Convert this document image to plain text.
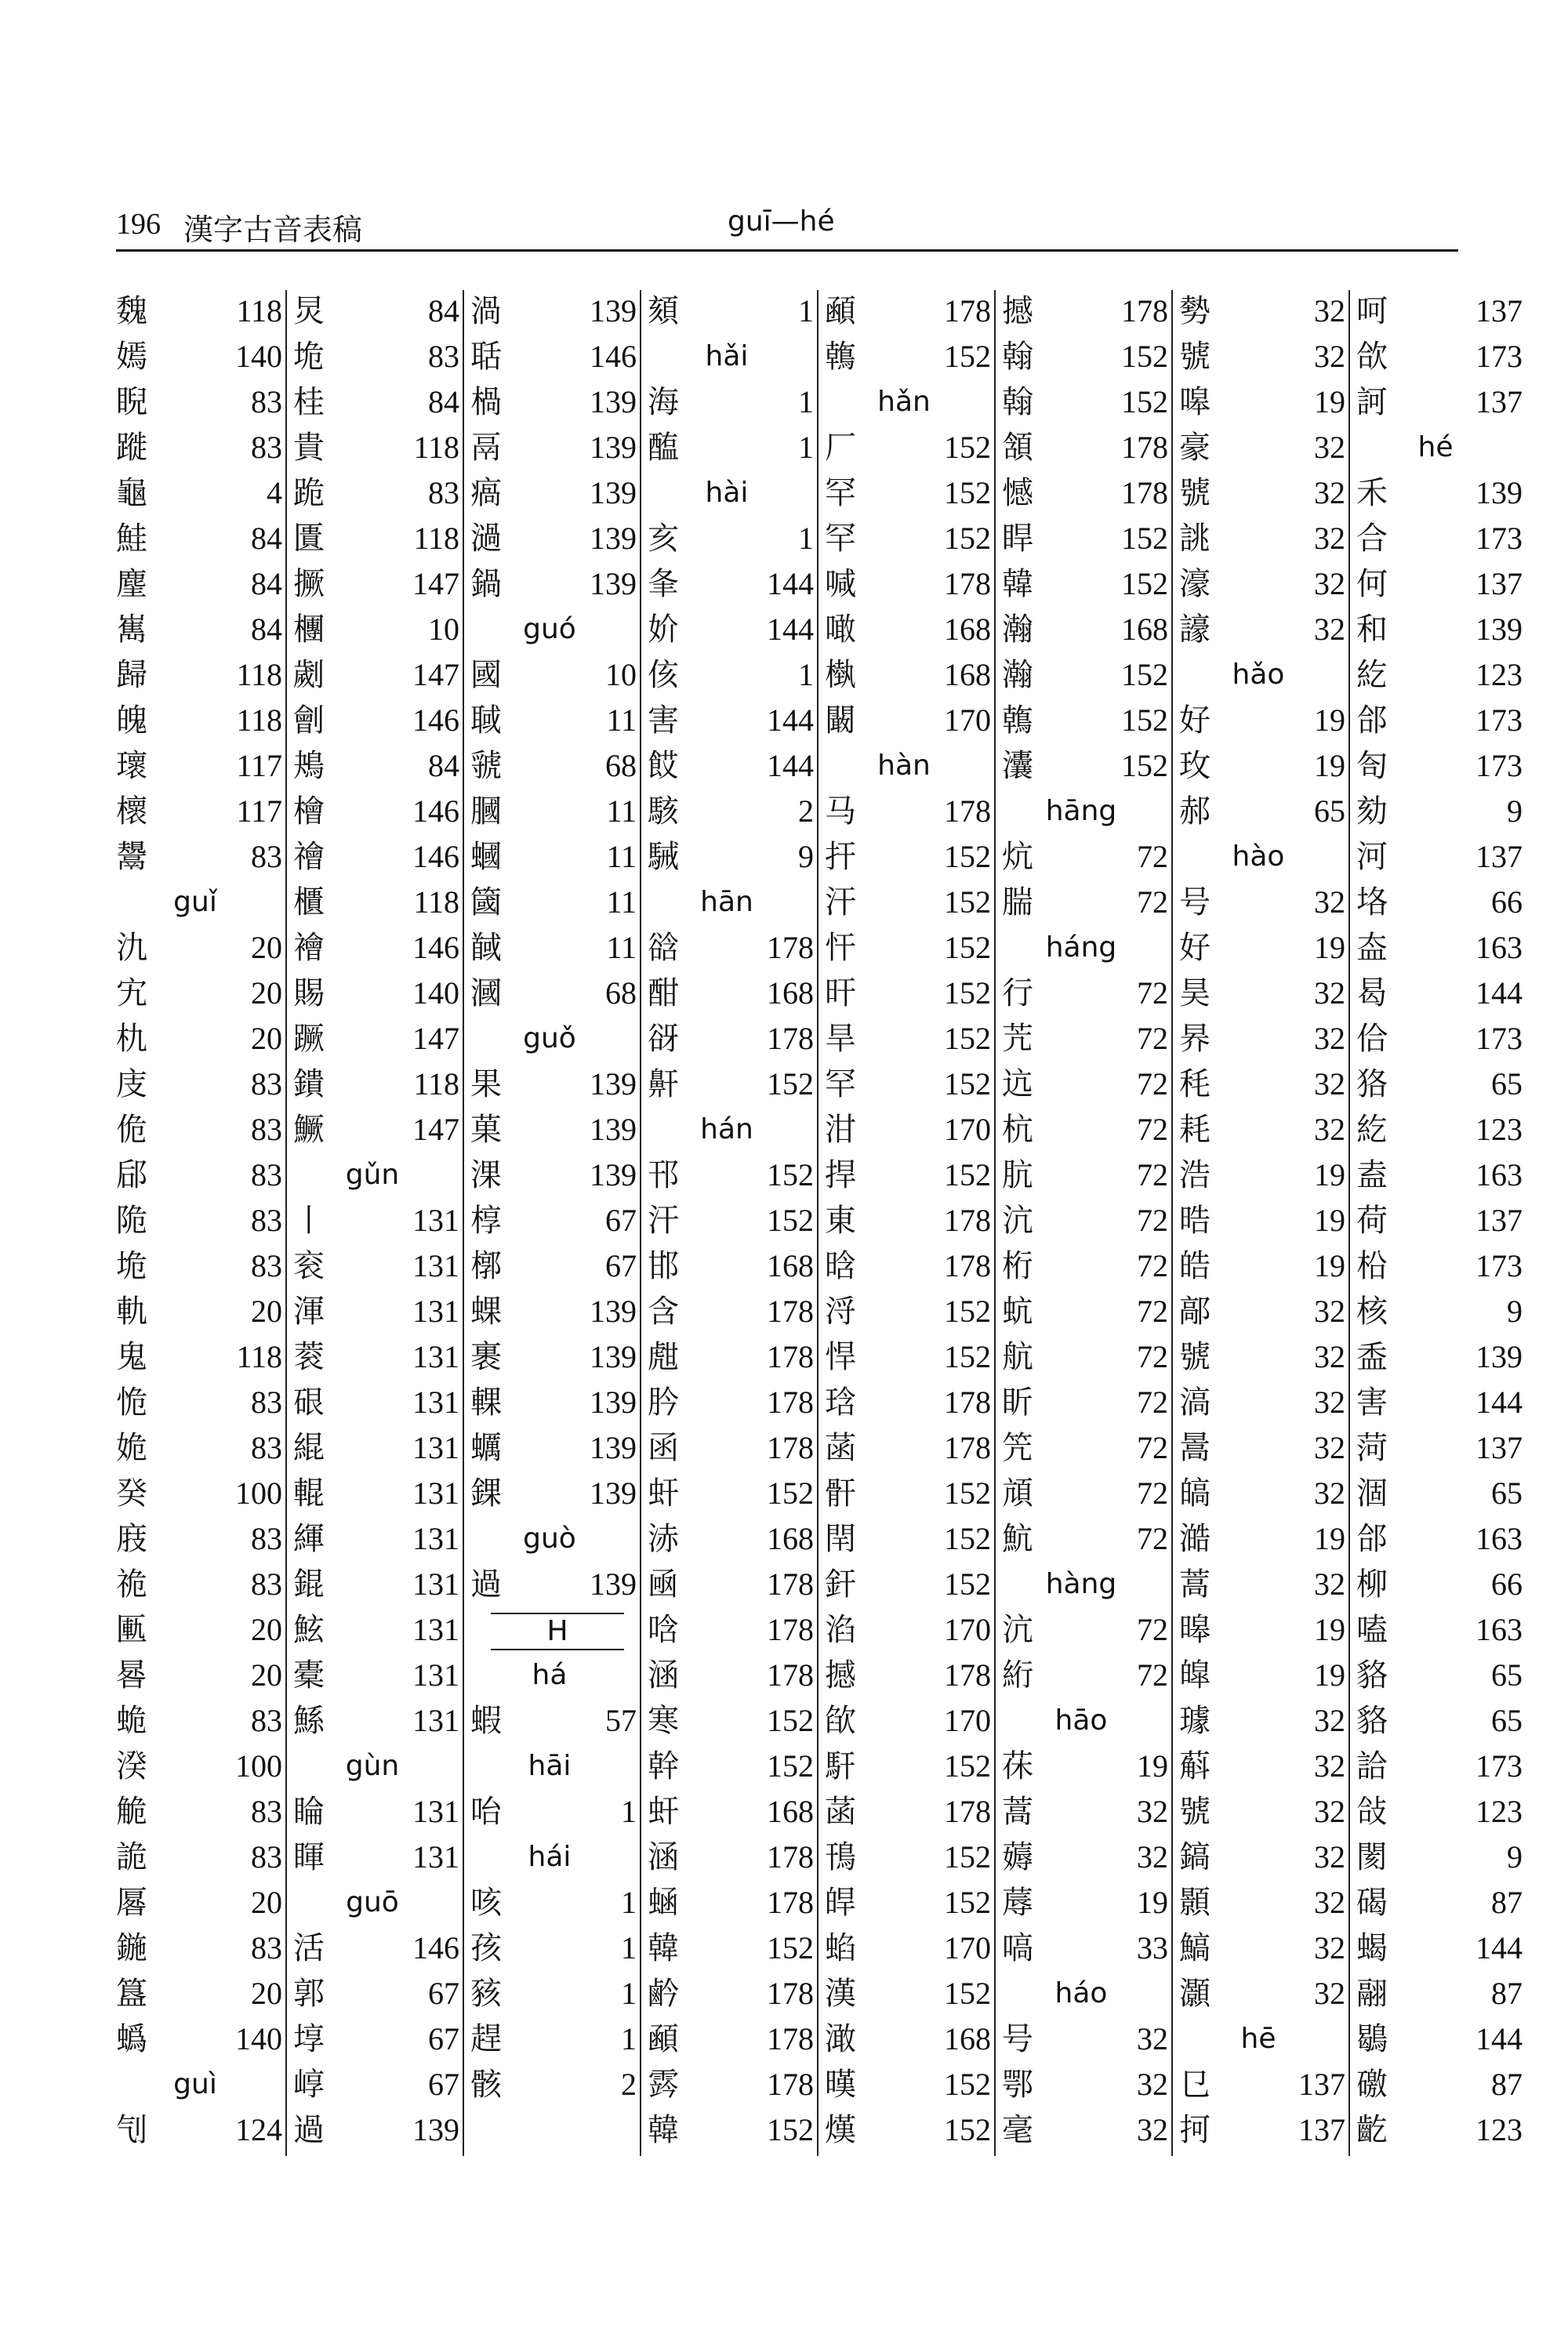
196 漢字古音表稿	guī—hé
魏	118
嫣	140
睨	83
蹝	83
龜	4
鮭	84
麈	84
嶲	84
歸	118
魄	118
瓌	117
櫰	117
鬹	83
guǐ
氿	20
宄	20
朹	20
庋	83
佹	83
郈	83
陒	83
垝	83
軌	20
鬼	118
恑	83
姽	83
癸	100
庪	83
祪	83
匭	20
晷	20
蛫	83
湀	100
觤	83
詭	83
厬	20
鍦	83
簋	20
蟡	140
guì
刏	124
炅	84
垝	83
桂	84
貴	118
跪	83
匱	118
撅	147
檲	10
劌	147
劊	146
鴂	84
檜	146
禬	146
櫃	118
襘	146
賜	140
蹶	147
鐀	118
鱖	147
gǔn
丨	131
衮	131
渾	131
蓘	131
硍	131
緄	131
輥	131
緷	131
錕	131
鮌	131
橐	131
鯀	131
gùn
睔	131
睴	131
guō
活	146
郭	67
埻	67
崞	67
過	139
渦	139
聒	146
楇	139
鬲	139
瘑	139
濄	139
鍋	139
guó
國	10
聝	11
虢	68
膕	11
蟈	11
簂	11
馘	11
漍	68
guǒ
果	139
菓	139
淉	139
椁	67
槨	67
蜾	139
裹	139
輠	139
蠣	139
錁	139
guò
過	139
H
há
蝦	57
hāi
咍	1
hái
咳	1
孩	1
豥	1
趕	1
骸	2
頦	1
hǎi
海	1
醢	1
hài
亥	1
夆	144
妎	144
侅	1
害	144
餀	144
駭	2
駴	9
hān
谽	178
酣	168
谺	178
鼾	152
hán
邗	152
汗	152
邯	168
含	178
甝	178
肣	178
函	178
虷	152
浾	168
凾	178
唅	178
涵	178
寒	152
幹	152
虷	168
涵	178
蜬	178
韓	152
鹶	178
顄	178
霠	178
韓	152
顄	178
鶾	152
hǎn
厂	152
罕	152
罕	152
喊	178
噉	168
槸	168
闞	170
hàn
马	178
扞	152
汗	152
忓	152
旰	152
旱	152
罕	152
泔	170
捍	152
東	178
晗	178
浖	152
悍	152
琀	178
菡	178
骭	152
閈	152
釬	152
淊	170
撼	178
欿	170
馯	152
菡	178
鳱	152
皔	152
蜭	170
漢	152
澉	168
暵	152
熯	152
撼	178
翰	152
翰	152
頷	178
憾	178
睅	152
韓	152
瀚	168
瀚	152
鶾	152
灢	152
hāng
炕	72
腨	72
háng
行	72
苀	72
迒	72
杭	72
肮	72
沆	72
桁	72
蚢	72
航	72
盺	72
笐	72
頏	72
魧	72
hàng
沆	72
絎	72
hāo
茠	19
蒿	32
薅	32
蓐	19
嗃	33
háo
号	32
鄂	32
毫	32
勢	32
號	32
嗥	19
豪	32
號	32
誂	32
濠	32
譹	32
hǎo
好	19
玫	19
郝	65
hào
号	32
好	19
昊	32
昦	32
秏	32
耗	32
浩	19
晧	19
皓	19
鄗	32
號	32
滈	32
暠	32
皜	32
澔	19
蒿	32
暤	19
皡	19
璩	32
蔛	32
號	32
鎬	32
顥	32
鰝	32
灝	32
hē
㔾	137
抲	137
呵	137
欱	173
訶	137
hé
禾	139
合	173
何	137
和	139
紇	123
郃	173
匌	173
劾	9
河	137
垎	66
盇	163
曷	144
佮	173
狢	65
紇	123
盍	163
荷	137
柗	173
核	9
盉	139
害	144
菏	137
涸	65
郃	163
柳	66
嗑	163
貉	65
貉	65
詥	173
敆	123
閡	9
碣	87
蝎	144
翮	87
鶡	144
礉	87
齕	123
